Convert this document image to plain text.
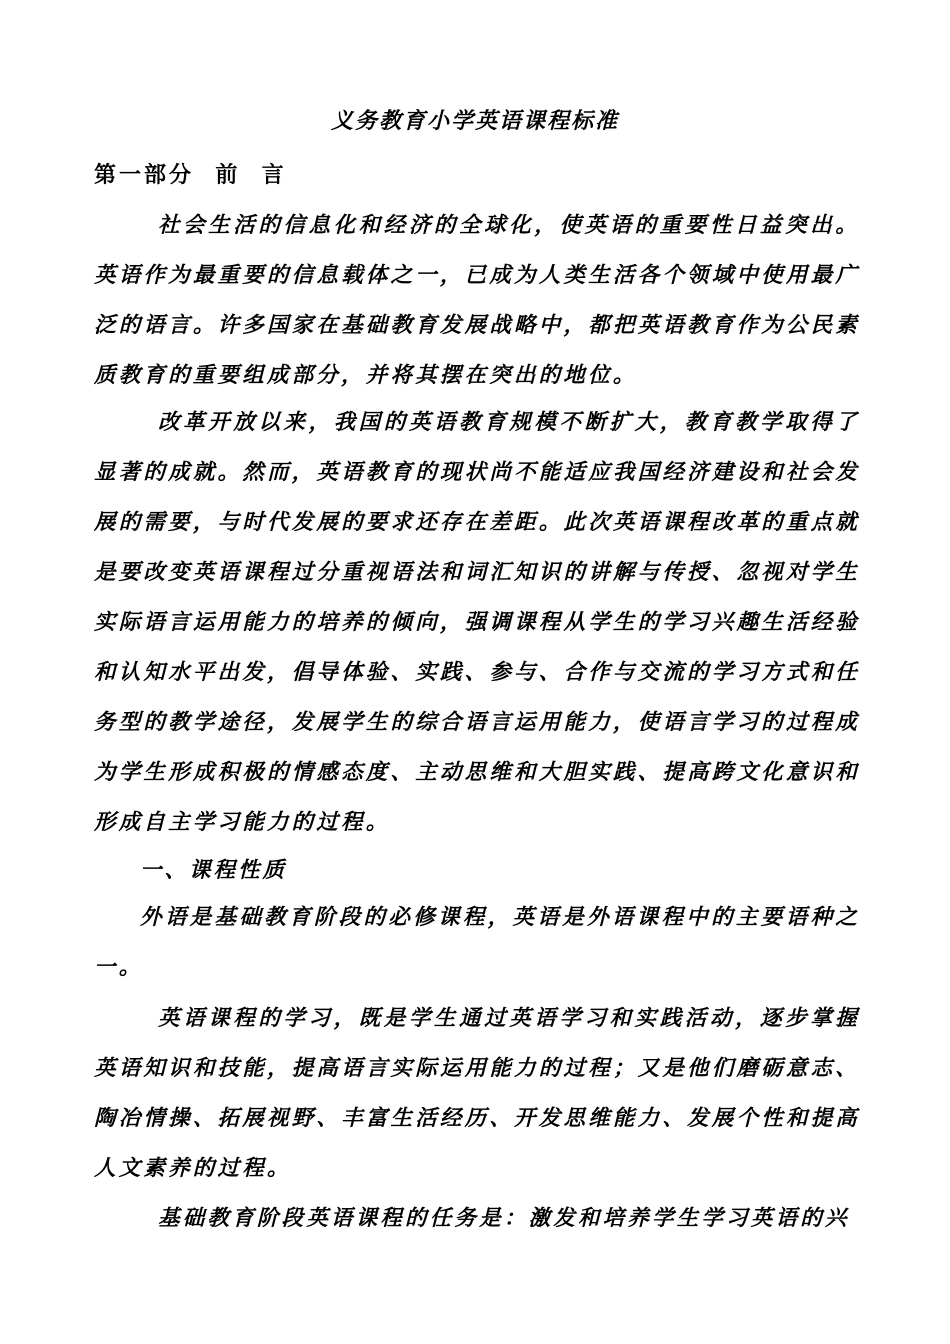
义务教育小学英语课程标准
第一部分  前  言
社会生活的信息化和经济的全球化，使英语的重要性日益突出。英语作为最重要的信息载体之一，已成为人类生活各个领域中使用最广泛的语言。许多国家在基础教育发展战略中，都把英语教育作为公民素质教育的重要组成部分，并将其摆在突出的地位。
改革开放以来，我国的英语教育规模不断扩大，教育教学取得了显著的成就。然而，英语教育的现状尚不能适应我国经济建设和社会发展的需要，与时代发展的要求还存在差距。此次英语课程改革的重点就是要改变英语课程过分重视语法和词汇知识的讲解与传授、忽视对学生实际语言运用能力的培养的倾向，强调课程从学生的学习兴趣生活经验和认知水平出发，倡导体验、实践、参与、合作与交流的学习方式和任务型的教学途径，发展学生的综合语言运用能力，使语言学习的过程成为学生形成积极的情感态度、主动思维和大胆实践、提高跨文化意识和形成自主学习能力的过程。
一、课程性质
外语是基础教育阶段的必修课程，英语是外语课程中的主要语种之一。
英语课程的学习，既是学生通过英语学习和实践活动，逐步掌握英语知识和技能，提高语言实际运用能力的过程；又是他们磨砺意志、陶冶情操、拓展视野、丰富生活经历、开发思维能力、发展个性和提高人文素养的过程。
基础教育阶段英语课程的任务是：激发和培养学生学习英语的兴
